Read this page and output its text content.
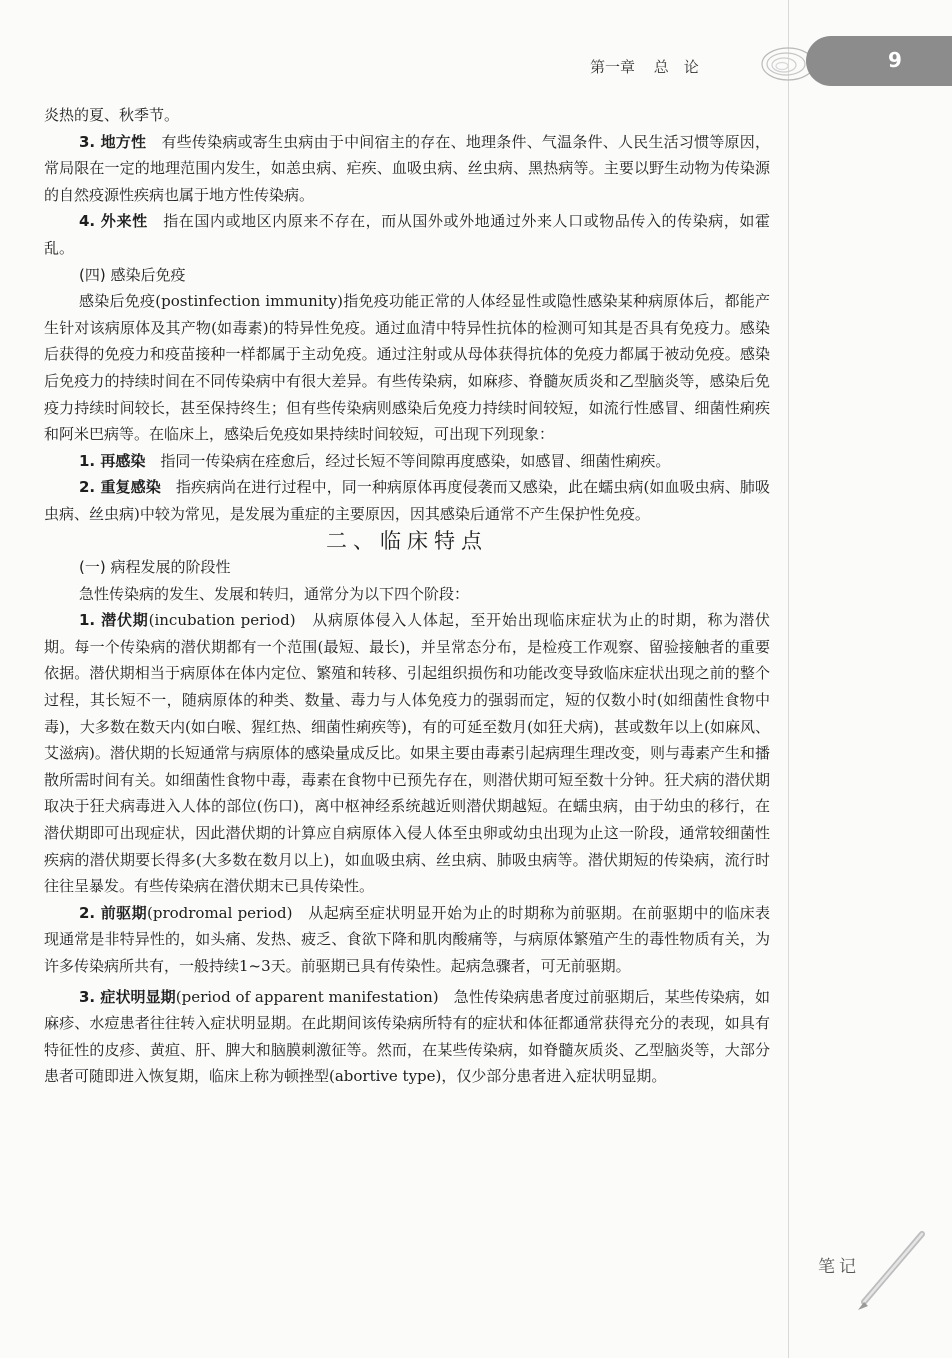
第一章 总　论	9

炎热的夏、秋季节。

3. 地方性　有些传染病或寄生虫病由于中间宿主的存在、地理条件、气温条件、人民生活习惯等原因，常局限在一定的地理范围内发生，如恙虫病、疟疾、血吸虫病、丝虫病、黑热病等。主要以野生动物为传染源的自然疫源性疾病也属于地方性传染病。

4. 外来性　指在国内或地区内原来不存在，而从国外或外地通过外来人口或物品传入的传染病，如霍乱。

(四) 感染后免疫

感染后免疫(postinfection immunity)指免疫功能正常的人体经显性或隐性感染某种病原体后，都能产生针对该病原体及其产物(如毒素)的特异性免疫。通过血清中特异性抗体的检测可知其是否具有免疫力。感染后获得的免疫力和疫苗接种一样都属于主动免疫。通过注射或从母体获得抗体的免疫力都属于被动免疫。感染后免疫力的持续时间在不同传染病中有很大差异。有些传染病，如麻疹、脊髓灰质炎和乙型脑炎等，感染后免疫力持续时间较长，甚至保持终生；但有些传染病则感染后免疫力持续时间较短，如流行性感冒、细菌性痢疾和阿米巴病等。在临床上，感染后免疫如果持续时间较短，可出现下列现象：

1. 再感染　指同一传染病在痊愈后，经过长短不等间隙再度感染，如感冒、细菌性痢疾。

2. 重复感染　指疾病尚在进行过程中，同一种病原体再度侵袭而又感染，此在蠕虫病(如血吸虫病、肺吸虫病、丝虫病)中较为常见，是发展为重症的主要原因，因其感染后通常不产生保护性免疫。

二、临床特点

(一) 病程发展的阶段性

急性传染病的发生、发展和转归，通常分为以下四个阶段：

1. 潜伏期(incubation period)　从病原体侵入人体起，至开始出现临床症状为止的时期，称为潜伏期。每一个传染病的潜伏期都有一个范围(最短、最长)，并呈常态分布，是检疫工作观察、留验接触者的重要依据。潜伏期相当于病原体在体内定位、繁殖和转移、引起组织损伤和功能改变导致临床症状出现之前的整个过程，其长短不一，随病原体的种类、数量、毒力与人体免疫力的强弱而定，短的仅数小时(如细菌性食物中毒)，大多数在数天内(如白喉、猩红热、细菌性痢疾等)，有的可延至数月(如狂犬病)，甚或数年以上(如麻风、艾滋病)。潜伏期的长短通常与病原体的感染量成反比。如果主要由毒素引起病理生理改变，则与毒素产生和播散所需时间有关。如细菌性食物中毒，毒素在食物中已预先存在，则潜伏期可短至数十分钟。狂犬病的潜伏期取决于狂犬病毒进入人体的部位(伤口)，离中枢神经系统越近则潜伏期越短。在蠕虫病，由于幼虫的移行，在潜伏期即可出现症状，因此潜伏期的计算应自病原体入侵人体至虫卵或幼虫出现为止这一阶段，通常较细菌性疾病的潜伏期要长得多(大多数在数月以上)，如血吸虫病、丝虫病、肺吸虫病等。潜伏期短的传染病，流行时往往呈暴发。有些传染病在潜伏期末已具传染性。

2. 前驱期(prodromal period)　从起病至症状明显开始为止的时期称为前驱期。在前驱期中的临床表现通常是非特异性的，如头痛、发热、疲乏、食欲下降和肌肉酸痛等，与病原体繁殖产生的毒性物质有关，为许多传染病所共有，一般持续1~3天。前驱期已具有传染性。起病急骤者，可无前驱期。

3. 症状明显期(period of apparent manifestation)　急性传染病患者度过前驱期后，某些传染病，如麻疹、水痘患者往往转入症状明显期。在此期间该传染病所特有的症状和体征都通常获得充分的表现，如具有特征性的皮疹、黄疸、肝、脾大和脑膜刺激征等。然而，在某些传染病，如脊髓灰质炎、乙型脑炎等，大部分患者可随即进入恢复期，临床上称为顿挫型(abortive type)，仅少部分患者进入症状明显期。

笔记
